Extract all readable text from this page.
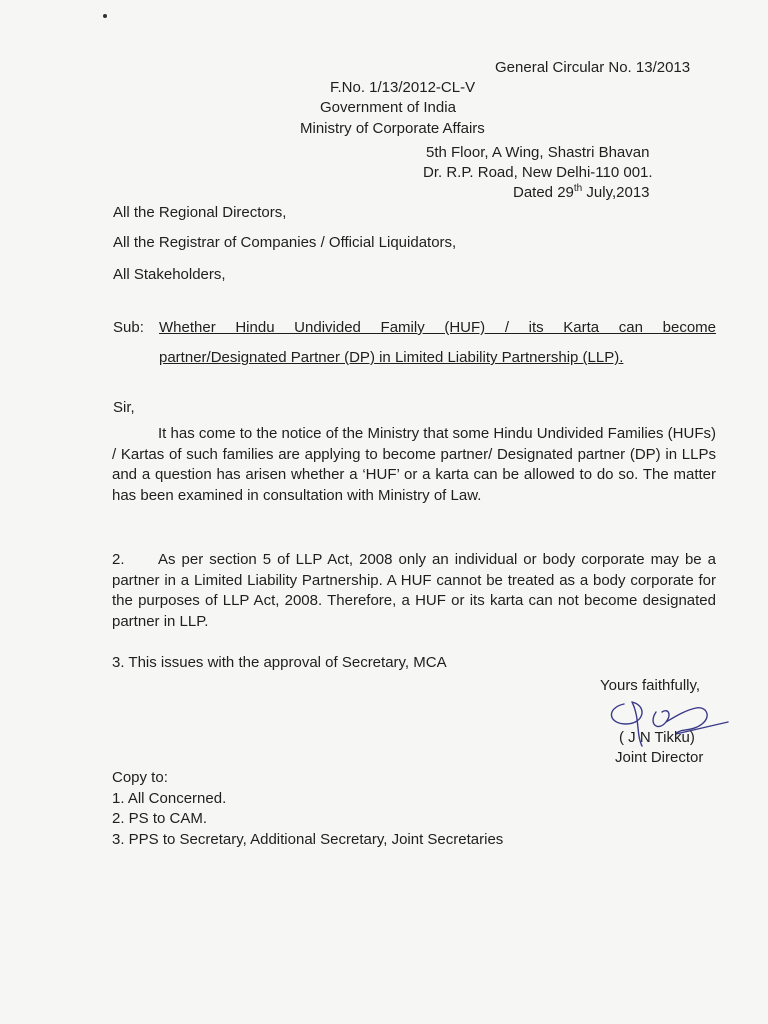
General Circular No. 13/2013
F.No. 1/13/2012-CL-V
Government of India
Ministry of Corporate Affairs
5th Floor, A Wing, Shastri Bhavan
Dr. R.P. Road, New Delhi-110 001.
Dated 29th July,2013
All the Regional Directors,
All the Registrar of Companies / Official Liquidators,
All Stakeholders,
Sub: Whether Hindu Undivided Family (HUF) / its Karta can become
partner/Designated Partner (DP) in Limited Liability Partnership (LLP).
Sir,
It has come to the notice of the Ministry that some Hindu Undivided Families (HUFs) / Kartas of such families are applying to become partner/ Designated partner (DP) in LLPs and a question has arisen whether a ‘HUF’ or a karta can be allowed to do so. The matter has been examined in consultation with Ministry of Law.
2. As per section 5 of LLP Act, 2008 only an individual or body corporate may be a partner in a Limited Liability Partnership. A HUF cannot be treated as a body corporate for the purposes of LLP Act, 2008. Therefore, a HUF or its karta can not become designated partner in LLP.
3. This issues with the approval of Secretary, MCA
Yours faithfully,
( J N Tikku)
Joint Director
Copy to:
1. All Concerned.
2. PS to CAM.
3. PPS to Secretary, Additional Secretary, Joint Secretaries
